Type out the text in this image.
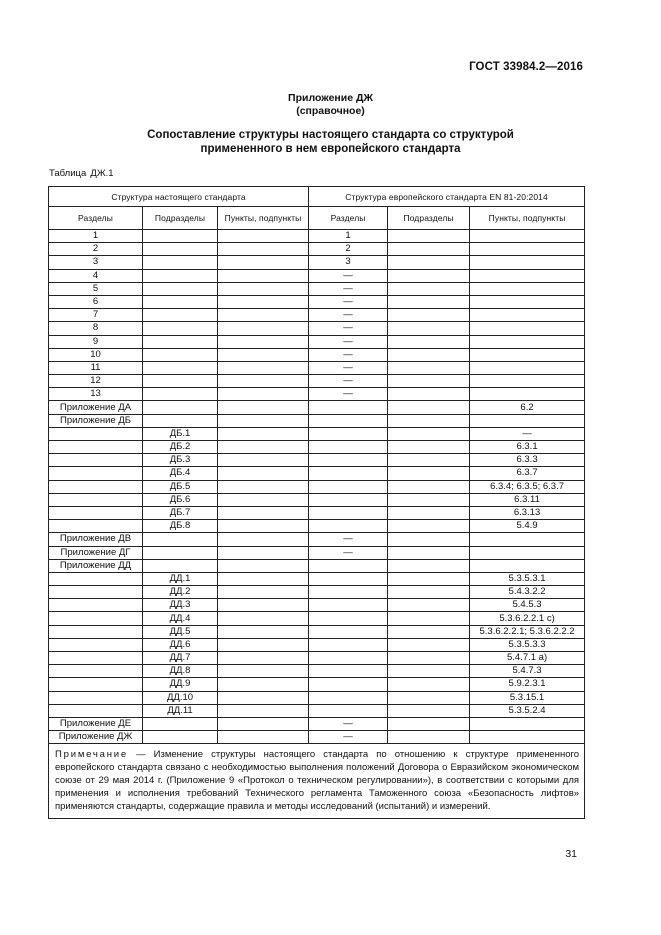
ГОСТ 33984.2—2016
Приложение ДЖ
(справочное)
Сопоставление структуры настоящего стандарта со структурой
примененного в нем европейского стандарта
Таблица ДЖ.1
Структура настоящего стандарта			Структура европейского стандарта EN 81-20:2014		
Разделы	Подразделы	Пункты, подпункты	Разделы	Подразделы	Пункты, подпункты
1			1		
2			2		
3			3		
4			—		
5			—		
6			—		
7			—		
8			—		
9			—		
10			—		
11			—		
12			—		
13			—		
Приложение ДА					6.2
Приложение ДБ					
	ДБ.1				—
	ДБ.2				6.3.1
	ДБ.3				6.3.3
	ДБ.4				6.3.7
	ДБ.5				6.3.4; 6.3.5; 6.3.7
	ДБ.6				6.3.11
	ДБ.7				6.3.13
	ДБ.8				5.4.9
Приложение ДВ			—		
Приложение ДГ			—		
Приложение ДД					
	ДД.1				5.3.5.3.1
	ДД.2				5.4.3.2.2
	ДД.3				5.4.5.3
	ДД.4				5.3.6.2.2.1 c)
	ДД.5				5.3.6.2.2.1; 5.3.6.2.2.2
	ДД.6				5.3.5.3.3
	ДД.7				5.4.7.1 a)
	ДД.8				5.4.7.3
	ДД.9				5.9.2.3.1
	ДД.10				5.3.15.1
	ДД.11				5.3.5.2.4
Приложение ДЕ			—		
Приложение ДЖ			—		
Примечание — Изменение структуры настоящего стандарта по отношению к структуре примененного европейского стандарта связано с необходимостью выполнения положений Договора о Евразийском экономическом союзе от 29 мая 2014 г. (Приложение 9 «Протокол о техническом регулировании»), в соответствии с которыми для применения и исполнения требований Технического регламента Таможенного союза «Безопасность лифтов» применяются стандарты, содержащие правила и методы исследований (испытаний) и измерений.					
31
